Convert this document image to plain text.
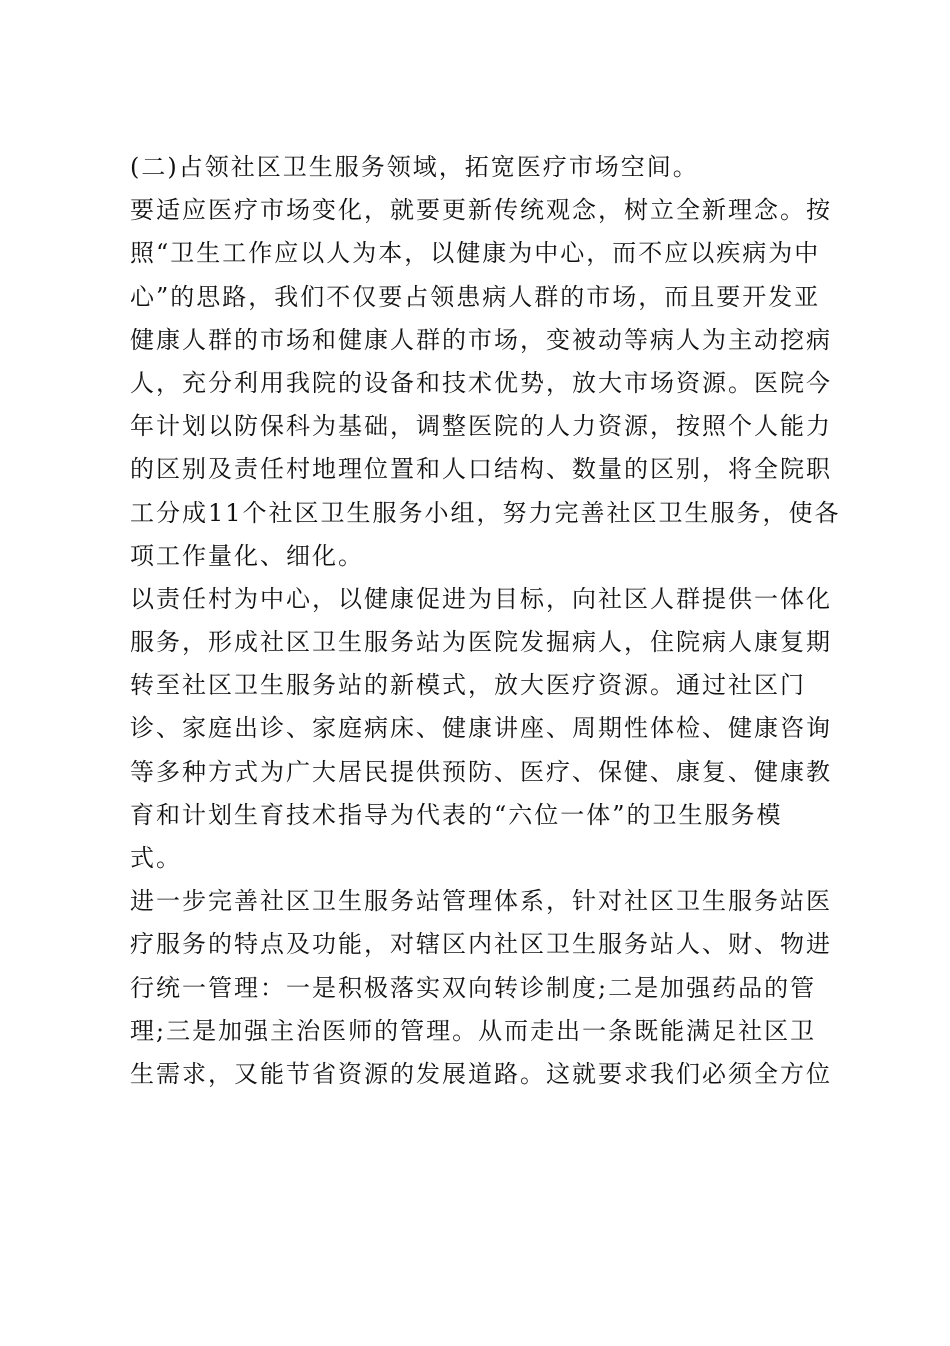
(二)占领社区卫生服务领域，拓宽医疗市场空间。
要适应医疗市场变化，就要更新传统观念，树立全新理念。按
照“卫生工作应以人为本，以健康为中心，而不应以疾病为中
心”的思路，我们不仅要占领患病人群的市场，而且要开发亚
健康人群的市场和健康人群的市场，变被动等病人为主动挖病
人，充分利用我院的设备和技术优势，放大市场资源。医院今
年计划以防保科为基础，调整医院的人力资源，按照个人能力
的区别及责任村地理位置和人口结构、数量的区别，将全院职
工分成11个社区卫生服务小组，努力完善社区卫生服务，使各
项工作量化、细化。
以责任村为中心，以健康促进为目标，向社区人群提供一体化
服务，形成社区卫生服务站为医院发掘病人，住院病人康复期
转至社区卫生服务站的新模式，放大医疗资源。通过社区门
诊、家庭出诊、家庭病床、健康讲座、周期性体检、健康咨询
等多种方式为广大居民提供预防、医疗、保健、康复、健康教
育和计划生育技术指导为代表的“六位一体”的卫生服务模
式。
进一步完善社区卫生服务站管理体系，针对社区卫生服务站医
疗服务的特点及功能，对辖区内社区卫生服务站人、财、物进
行统一管理：一是积极落实双向转诊制度;二是加强药品的管
理;三是加强主治医师的管理。从而走出一条既能满足社区卫
生需求，又能节省资源的发展道路。这就要求我们必须全方位
